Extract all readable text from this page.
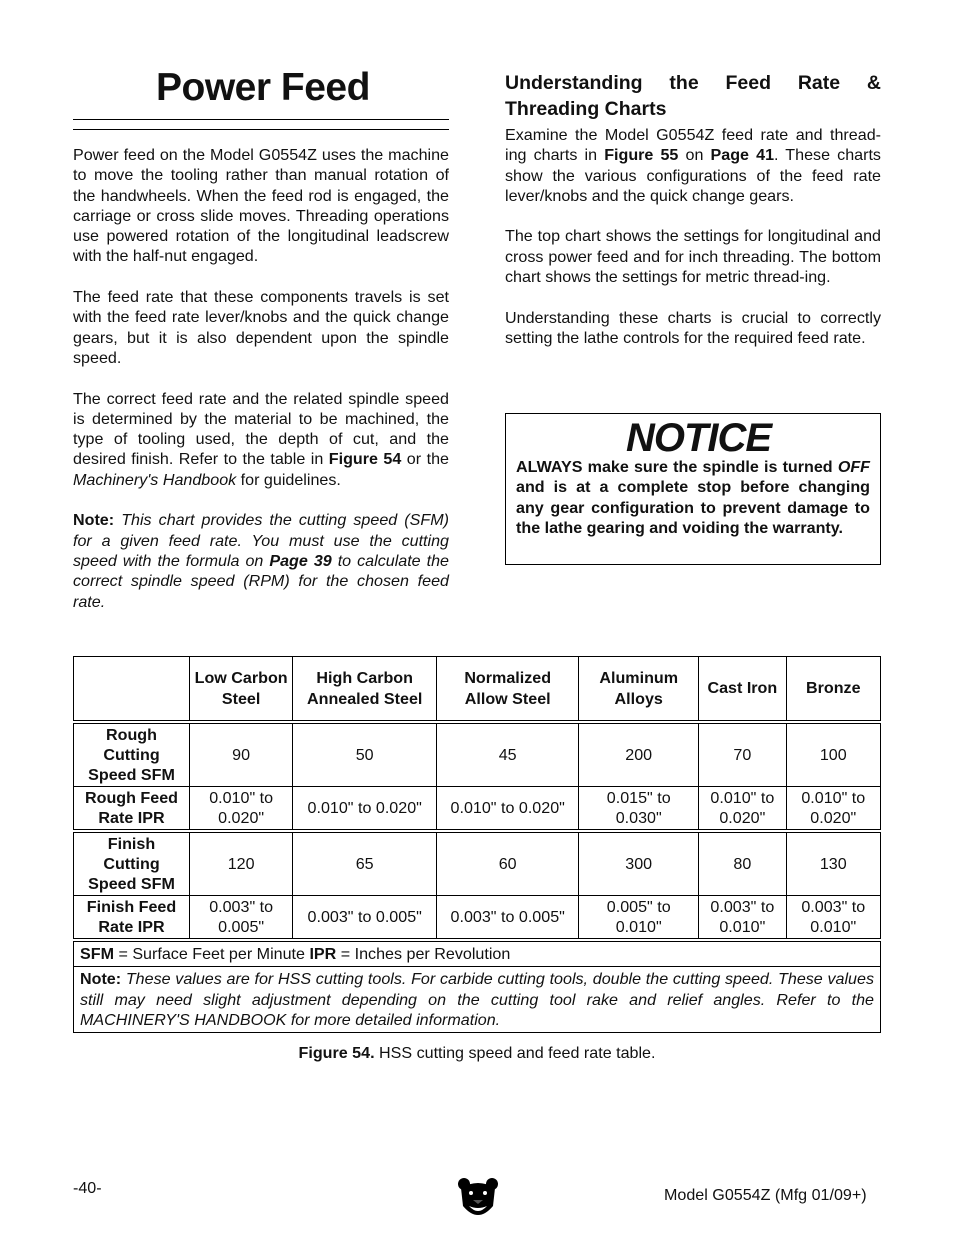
Power Feed

Power feed on the Model G0554Z uses the machine to move the tooling rather than manual rotation of the handwheels. When the feed rod is engaged, the carriage or cross slide moves. Threading operations use powered rotation of the longitudinal leadscrew with the half-nut engaged.

The feed rate that these components travels is set with the feed rate lever/knobs and the quick change gears, but it is also dependent upon the spindle speed.

The correct feed rate and the related spindle speed is determined by the material to be machined, the type of tooling used, the depth of cut, and the desired finish. Refer to the table in Figure 54 or the Machinery's Handbook for guidelines.

Note: This chart provides the cutting speed (SFM) for a given feed rate. You must use the cutting speed with the formula on Page 39 to calculate the correct spindle speed (RPM) for the chosen feed rate.

Understanding the Feed Rate & Threading Charts

Examine the Model G0554Z feed rate and thread-ing charts in Figure 55 on Page 41. These charts show the various configurations of the feed rate lever/knobs and the quick change gears.

The top chart shows the settings for longitudinal and cross power feed and for inch threading. The bottom chart shows the settings for metric thread-ing.

Understanding these charts is crucial to correctly setting the lathe controls for the required feed rate.

NOTICE
ALWAYS make sure the spindle is turned OFF and is at a complete stop before changing any gear configuration to prevent damage to the lathe gearing and voiding the warranty.
	Low Carbon Steel	High Carbon Annealed Steel	Normalized Allow Steel	Aluminum Alloys	Cast Iron	Bronze
Rough Cutting Speed SFM	90	50	45	200	70	100
Rough Feed Rate IPR	0.010" to 0.020"	0.010" to 0.020"	0.010" to 0.020"	0.015" to 0.030"	0.010" to 0.020"	0.010" to 0.020"
Finish Cutting Speed SFM	120	65	60	300	80	130
Finish Feed Rate IPR	0.003" to 0.005"	0.003" to 0.005"	0.003" to 0.005"	0.005" to 0.010"	0.003" to 0.010"	0.003" to 0.010"
SFM = Surface Feet per Minute IPR = Inches per Revolution						
Note: These values are for HSS cutting tools. For carbide cutting tools, double the cutting speed. These values still may need slight adjustment depending on the cutting tool rake and relief angles. Refer to the MACHINERY'S HANDBOOK for more detailed information.						
Figure 54. HSS cutting speed and feed rate table.
-40-	Model G0554Z (Mfg 01/09+)
